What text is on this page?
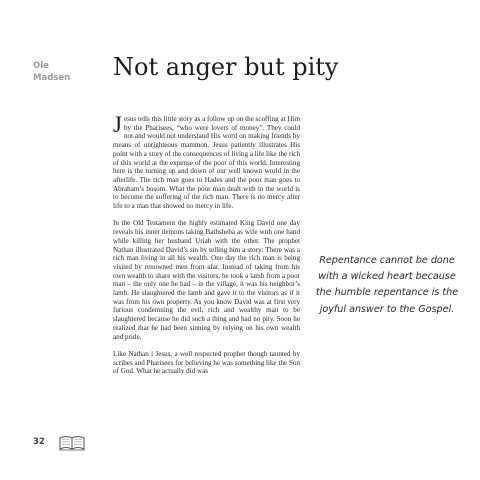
Ole
Madsen	Not anger but pity

Jesus tells this little story as a follow up on the scoffing at Him by the Pharisees, “who were lovers of money”. They could not and would not understand His word on making friends by means of unrighteous mammon. Jesus patiently illustrates His point with a story of the consequences of living a life like the rich of this world at the expense of the poor of this world. Interesting here is the turning up and down of our well known world in the afterlife. The rich man goes to Hades and the poor man goes to Abraham’s bosom. What the poor man dealt with in the world is to become the suffering of the rich man. There is no mercy after life to a man that showed no mercy in life.

In the Old Testament the highly estimated King David one day reveals his inner demons taking Bathsheba as wife with one hand while killing her husband Uriah with the other. The prophet Nathan illustrated David’s sin by telling him a story: There was a rich man living in all his wealth. One day the rich man is being visited by renowned men from afar. Instead of taking from his own wealth to share with the visitors, he took a lamb from a poor man – the only one he had – in the village, it was his neighbor’s lamb. He slaughtered the lamb and gave it to the visitors as if it was from his own property. As you know David was at first very furious condemning the evil, rich and wealthy man to be slaughtered because he did such a thing and had no pity. Soon he realized that he had been sinning by relying on his own wealth and pride.

Like Nathan i Jesus, a well respected prophet though taunted by scribes and Pharisees for believing he was something like the Son of God. What he actually did was

Repentance cannot be done with a wicked heart because the humble repentance is the joyful answer to the Gospel.
32
